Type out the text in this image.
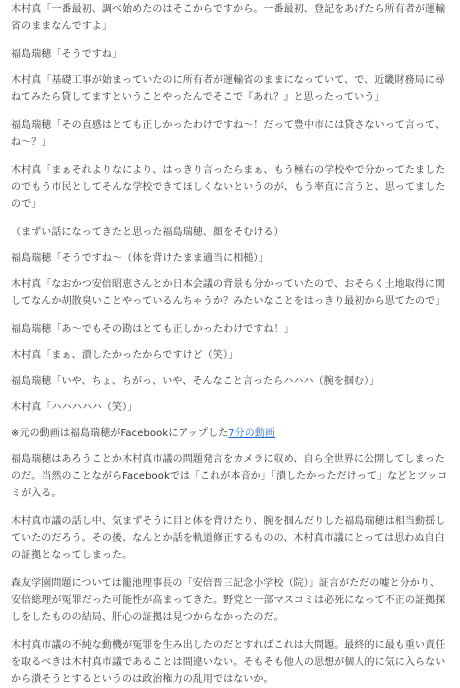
木村真「一番最初、調べ始めたのはそこからですから。一番最初、登記をあげたら所有者が運輸省のままなんですよ」

福島瑞穂「そうですね」

木村真「基礎工事が始まっていたのに所有者が運輸省のままになっていて、で、近畿財務局に尋ねてみたら貸してますということやったんでそこで『あれ？』と思ったっていう」

福島瑞穂「その直感はとても正しかったわけですね〜！だって豊中市には貸さないって言って、ね〜？」

木村真「まぁそれよりなにより、はっきり言ったらまぁ、もう極右の学校やで分かってたましたのでもう市民としてそんな学校できてほしくないというのが、もう率直に言うと、思ってましたので」

（まずい話になってきたと思った福島瑞穂、顔をそむける）

福島瑞穂「そうですね〜（体を背けたまま適当に相槌）」

木村真「なおかつ安倍昭恵さんとか日本会議の背景も分かっていたので、おそらく土地取得に関してなんか胡散臭いことやっているんちゃうか？みたいなことをはっきり最初から思てたので」

福島瑞穂「あ〜でもその勘はとても正しかったわけですね！」

木村真「まぁ、潰したかったからですけど（笑）」

福島瑞穂「いや、ちょ、ちがっ、いや、そんなこと言ったらハハハ（腕を掴む）」

木村真「ハハハハハ（笑）」

※元の動画は福島瑞穂がFacebookにアップした7分の動画

福島瑞穂はあろうことか木村真市議の問題発言をカメラに収め、自ら全世界に公開してしまったのだ。当然のことながらFacebookでは「これが本音か」「潰したかっただけって」などとツッコミが入る。

木村真市議の話し中、気まずそうに目と体を背けたり、腕を掴んだりした福島瑞穂は相当動揺していたのだろう。その後、なんとか話を軌道修正するものの、木村真市議にとっては思わぬ自白の証拠となってしまった。

森友学園問題については籠池理事長の「安倍晋三記念小学校（院）」証言がただの嘘と分かり、安倍総理が冤罪だった可能性が高まってきた。野党と一部マスコミは必死になって不正の証拠探しをしたものの結局、肝心の証拠は見つからなかったのだ。

木村真市議の不純な動機が冤罪を生み出したのだとすればこれは大問題。最終的に最も重い責任を取るべきは木村真市議であることは間違いない。そもそも他人の思想が個人的に気に入らないから潰そうとするというのは政治権力の乱用ではないか。
